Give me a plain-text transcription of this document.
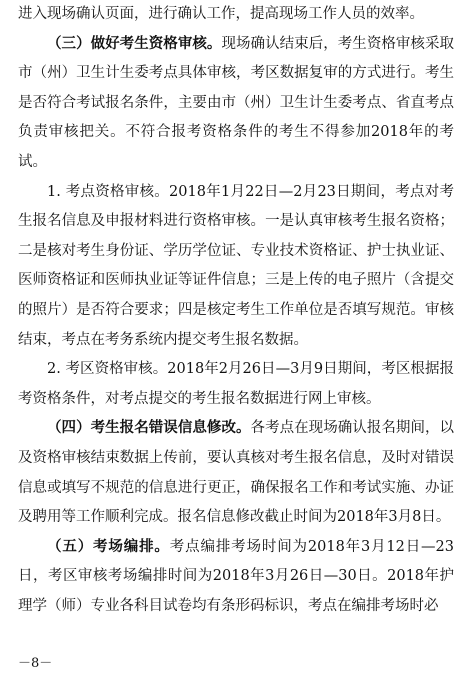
进入现场确认页面，进行确认工作，提高现场工作人员的效率。

（三）做好考生资格审核。现场确认结束后，考生资格审核采取市（州）卫生计生委考点具体审核，考区数据复审的方式进行。考生是否符合考试报名条件，主要由市（州）卫生计生委考点、省直考点负责审核把关。不符合报考资格条件的考生不得参加2018年的考试。

1. 考点资格审核。2018年1月22日—2月23日期间，考点对考生报名信息及申报材料进行资格审核。一是认真审核考生报名资格；二是核对考生身份证、学历学位证、专业技术资格证、护士执业证、医师资格证和医师执业证等证件信息；三是上传的电子照片（含提交的照片）是否符合要求；四是核定考生工作单位是否填写规范。审核结束，考点在考务系统内提交考生报名数据。

2. 考区资格审核。2018年2月26日—3月9日期间，考区根据报考资格条件，对考点提交的考生报名数据进行网上审核。

（四）考生报名错误信息修改。各考点在现场确认报名期间，以及资格审核结束数据上传前，要认真核对考生报名信息，及时对错误信息或填写不规范的信息进行更正，确保报名工作和考试实施、办证及聘用等工作顺利完成。报名信息修改截止时间为2018年3月8日。

（五）考场编排。考点编排考场时间为2018年3月12日—23日，考区审核考场编排时间为2018年3月26日—30日。2018年护理学（师）专业各科目试卷均有条形码标识，考点在编排考场时必

－8－
